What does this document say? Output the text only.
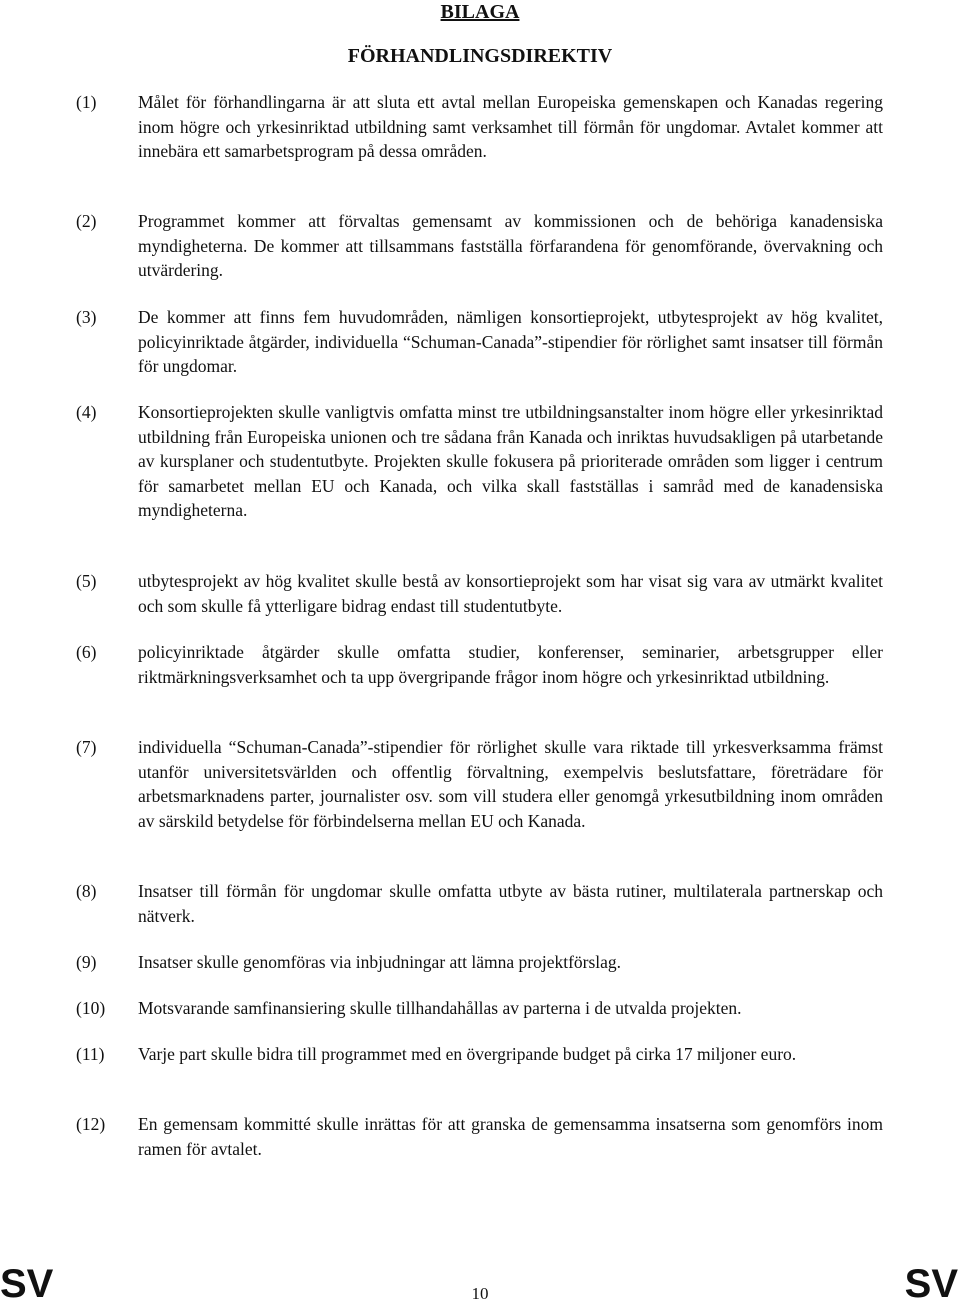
BILAGA
FÖRHANDLINGSDIREKTIV
(1) Målet för förhandlingarna är att sluta ett avtal mellan Europeiska gemenskapen och Kanadas regering inom högre och yrkesinriktad utbildning samt verksamhet till förmån för ungdomar. Avtalet kommer att innebära ett samarbetsprogram på dessa områden.
(2) Programmet kommer att förvaltas gemensamt av kommissionen och de behöriga kanadensiska myndigheterna. De kommer att tillsammans fastställa förfarandena för genomförande, övervakning och utvärdering.
(3) De kommer att finns fem huvudområden, nämligen konsortieprojekt, utbytesprojekt av hög kvalitet, policyinriktade åtgärder, individuella “Schuman-Canada”-stipendier för rörlighet samt insatser till förmån för ungdomar.
(4) Konsortieprojekten skulle vanligtvis omfatta minst tre utbildningsanstalter inom högre eller yrkesinriktad utbildning från Europeiska unionen och tre sådana från Kanada och inriktas huvudsakligen på utarbetande av kursplaner och studentutbyte. Projekten skulle fokusera på prioriterade områden som ligger i centrum för samarbetet mellan EU och Kanada, och vilka skall fastställas i samråd med de kanadensiska myndigheterna.
(5) utbytesprojekt av hög kvalitet skulle bestå av konsortieprojekt som har visat sig vara av utmärkt kvalitet och som skulle få ytterligare bidrag endast till studentutbyte.
(6) policyinriktade åtgärder skulle omfatta studier, konferenser, seminarier, arbetsgrupper eller riktmärkningsverksamhet och ta upp övergripande frågor inom högre och yrkesinriktad utbildning.
(7) individuella “Schuman-Canada”-stipendier för rörlighet skulle vara riktade till yrkesverksamma främst utanför universitetsvärlden och offentlig förvaltning, exempelvis beslutsfattare, företrädare för arbetsmarknadens parter, journalister osv. som vill studera eller genomgå yrkesutbildning inom områden av särskild betydelse för förbindelserna mellan EU och Kanada.
(8) Insatser till förmån för ungdomar skulle omfatta utbyte av bästa rutiner, multilaterala partnerskap och nätverk.
(9) Insatser skulle genomföras via inbjudningar att lämna projektförslag.
(10) Motsvarande samfinansiering skulle tillhandahållas av parterna i de utvalda projekten.
(11) Varje part skulle bidra till programmet med en övergripande budget på cirka 17 miljoner euro.
(12) En gemensam kommitté skulle inrättas för att granska de gemensamma insatserna som genomförs inom ramen för avtalet.
SV	10	SV
